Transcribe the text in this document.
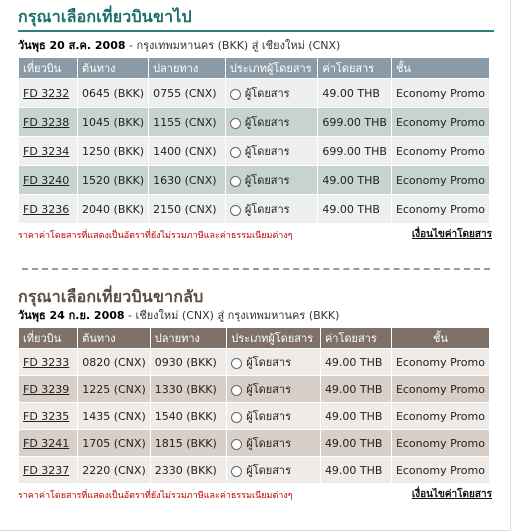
กรุณาเลือกเที่ยวบินขาไป
วันพุธ 20 ส.ค. 2008 - กรุงเทพมหานคร (BKK) สู่ เชียงใหม่ (CNX)
เที่ยวบิน	ต้นทาง	ปลายทาง	ประเภทผู้โดยสาร	ค่าโดยสาร	ชั้น
FD 3232	0645 (BKK)	0755 (CNX)	ผู้โดยสาร	49.00 THB	Economy Promo
FD 3238	1045 (BKK)	1155 (CNX)	ผู้โดยสาร	699.00 THB	Economy Promo
FD 3234	1250 (BKK)	1400 (CNX)	ผู้โดยสาร	699.00 THB	Economy Promo
FD 3240	1520 (BKK)	1630 (CNX)	ผู้โดยสาร	49.00 THB	Economy Promo
FD 3236	2040 (BKK)	2150 (CNX)	ผู้โดยสาร	49.00 THB	Economy Promo
ราคาค่าโดยสารที่แสดงเป็นอัตราที่ยังไม่รวมภาษีและค่าธรรมเนียมต่างๆ	เงื่อนไขค่าโดยสาร
กรุณาเลือกเที่ยวบินขากลับ
วันพุธ 24 ก.ย. 2008 - เชียงใหม่ (CNX) สู่ กรุงเทพมหานคร (BKK)
เที่ยวบิน	ต้นทาง	ปลายทาง	ประเภทผู้โดยสาร	ค่าโดยสาร	ชั้น
FD 3233	0820 (CNX)	0930 (BKK)	ผู้โดยสาร	49.00 THB	Economy Promo
FD 3239	1225 (CNX)	1330 (BKK)	ผู้โดยสาร	49.00 THB	Economy Promo
FD 3235	1435 (CNX)	1540 (BKK)	ผู้โดยสาร	49.00 THB	Economy Promo
FD 3241	1705 (CNX)	1815 (BKK)	ผู้โดยสาร	49.00 THB	Economy Promo
FD 3237	2220 (CNX)	2330 (BKK)	ผู้โดยสาร	49.00 THB	Economy Promo
ราคาค่าโดยสารที่แสดงเป็นอัตราที่ยังไม่รวมภาษีและค่าธรรมเนียมต่างๆ	เงื่อนไขค่าโดยสาร
